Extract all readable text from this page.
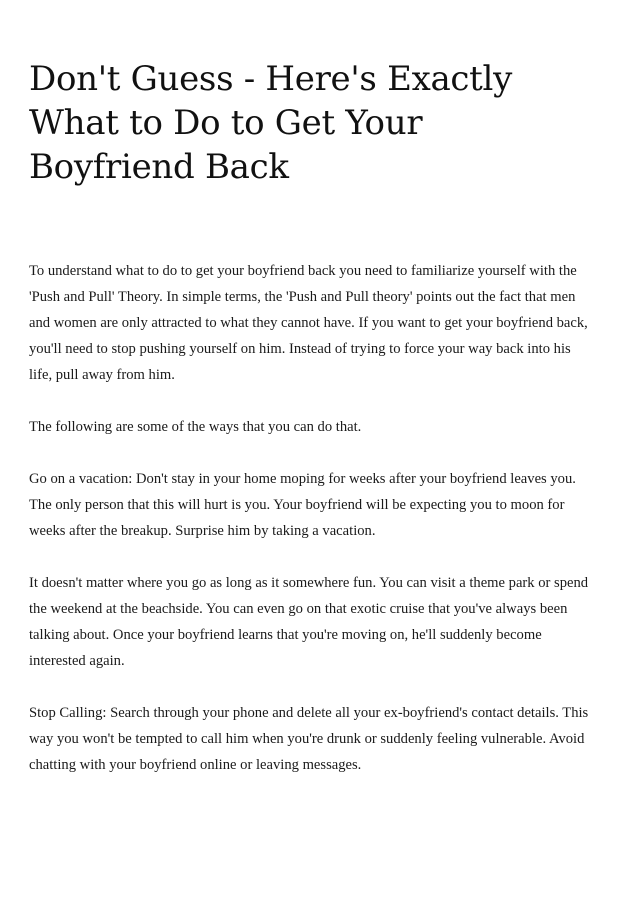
Don't Guess - Here's Exactly What to Do to Get Your Boyfriend Back

To understand what to do to get your boyfriend back you need to familiarize yourself with the 'Push and Pull' Theory. In simple terms, the 'Push and Pull theory' points out the fact that men and women are only attracted to what they cannot have. If you want to get your boyfriend back, you'll need to stop pushing yourself on him. Instead of trying to force your way back into his life, pull away from him.

The following are some of the ways that you can do that.

Go on a vacation: Don't stay in your home moping for weeks after your boyfriend leaves you. The only person that this will hurt is you. Your boyfriend will be expecting you to moon for weeks after the breakup. Surprise him by taking a vacation.

It doesn't matter where you go as long as it somewhere fun. You can visit a theme park or spend the weekend at the beachside. You can even go on that exotic cruise that you've always been talking about. Once your boyfriend learns that you're moving on, he'll suddenly become interested again.

Stop Calling: Search through your phone and delete all your ex-boyfriend's contact details. This way you won't be tempted to call him when you're drunk or suddenly feeling vulnerable. Avoid chatting with your boyfriend online or leaving messages.
